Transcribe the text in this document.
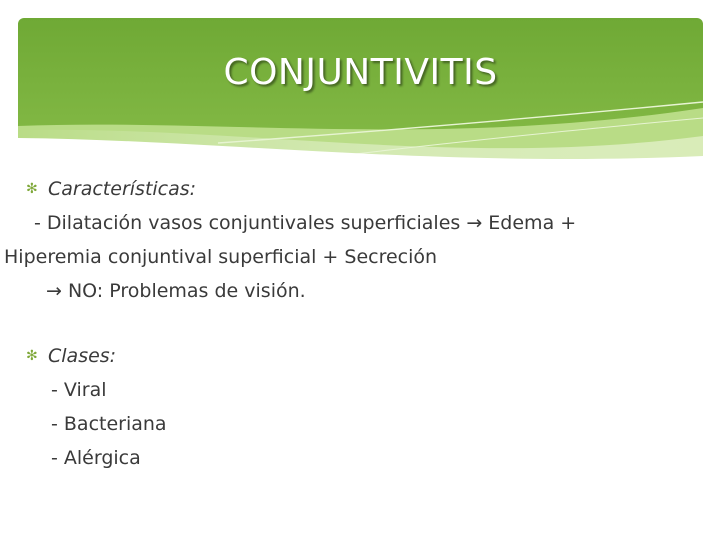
CONJUNTIVITIS
✻ Características:
- Dilatación vasos conjuntivales superficiales → Edema +
Hiperemia conjuntival superficial + Secreción
→ NO: Problemas de visión.
✻ Clases:
- Viral
- Bacteriana
- Alérgica
